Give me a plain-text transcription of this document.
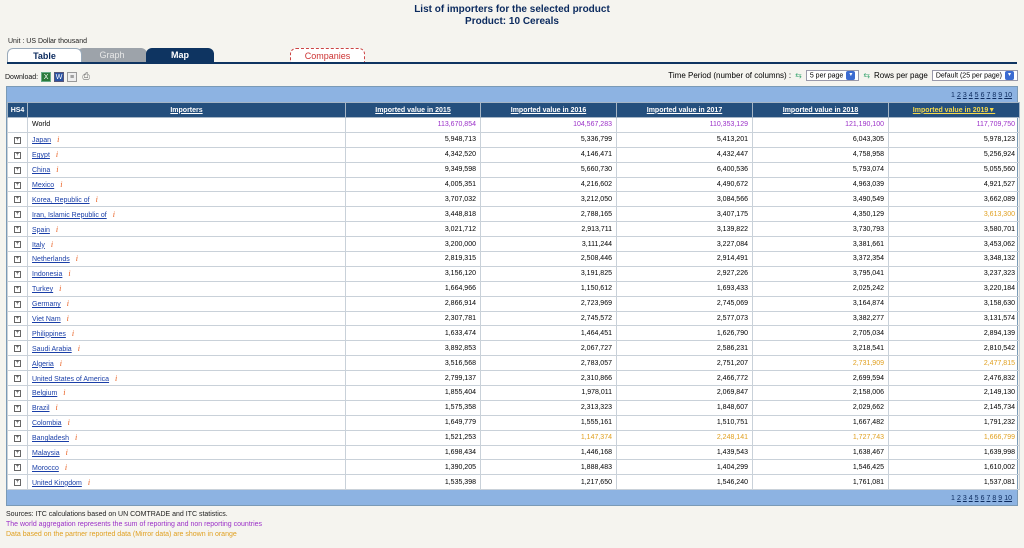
List of importers for the selected product
Product: 10 Cereals
Unit : US Dollar thousand
Graph
Table	Map	Companies
Download: X	W	≡ ⎙	Time Period (number of columns) : ⇆	5 per page ▾	⇆ Rows per page	Default (25 per page) ▾
1 2 3 4 5 6 7 8 9 10
HS4	Importers	Imported value in 2015	Imported value in 2016	Imported value in 2017	Imported value in 2018	Imported value in 2019▼
	World	113,670,854	104,567,283	110,353,129	121,190,100	117,709,750
+	Japan i	5,948,713	5,336,799	5,413,201	6,043,305	5,978,123
+	Egypt i	4,342,520	4,146,471	4,432,447	4,758,958	5,256,924
+	China i	9,349,598	5,660,730	6,400,536	5,793,074	5,055,560
+	Mexico i	4,005,351	4,216,602	4,490,672	4,963,039	4,921,527
+	Korea, Republic of i	3,707,032	3,212,050	3,084,566	3,490,549	3,662,089
+	Iran, Islamic Republic of i	3,448,818	2,788,165	3,407,175	4,350,129	3,613,300
+	Spain i	3,021,712	2,913,711	3,139,822	3,730,793	3,580,701
+	Italy i	3,200,000	3,111,244	3,227,084	3,381,661	3,453,062
+	Netherlands i	2,819,315	2,508,446	2,914,491	3,372,354	3,348,132
+	Indonesia i	3,156,120	3,191,825	2,927,226	3,795,041	3,237,323
+	Turkey i	1,664,966	1,150,612	1,693,433	2,025,242	3,220,184
+	Germany i	2,866,914	2,723,969	2,745,069	3,164,874	3,158,630
+	Viet Nam i	2,307,781	2,745,572	2,577,073	3,382,277	3,131,574
+	Philippines i	1,633,474	1,464,451	1,626,790	2,705,034	2,894,139
+	Saudi Arabia i	3,892,853	2,067,727	2,586,231	3,218,541	2,810,542
+	Algeria i	3,516,568	2,783,057	2,751,207	2,731,909	2,477,815
+	United States of America i	2,799,137	2,310,866	2,466,772	2,699,594	2,476,832
+	Belgium i	1,855,404	1,978,011	2,069,847	2,158,006	2,149,130
+	Brazil i	1,575,358	2,313,323	1,848,607	2,029,662	2,145,734
+	Colombia i	1,649,779	1,555,161	1,510,751	1,667,482	1,791,232
+	Bangladesh i	1,521,253	1,147,374	2,248,141	1,727,743	1,666,799
+	Malaysia i	1,698,434	1,446,168	1,439,543	1,638,467	1,639,998
+	Morocco i	1,390,205	1,888,483	1,404,299	1,546,425	1,610,002
+	United Kingdom i	1,535,398	1,217,650	1,546,240	1,761,081	1,537,081
1 2 3 4 5 6 7 8 9 10
Sources: ITC calculations based on UN COMTRADE and ITC statistics.
The world aggregation represents the sum of reporting and non reporting countries
Data based on the partner reported data (Mirror data) are shown in orange
